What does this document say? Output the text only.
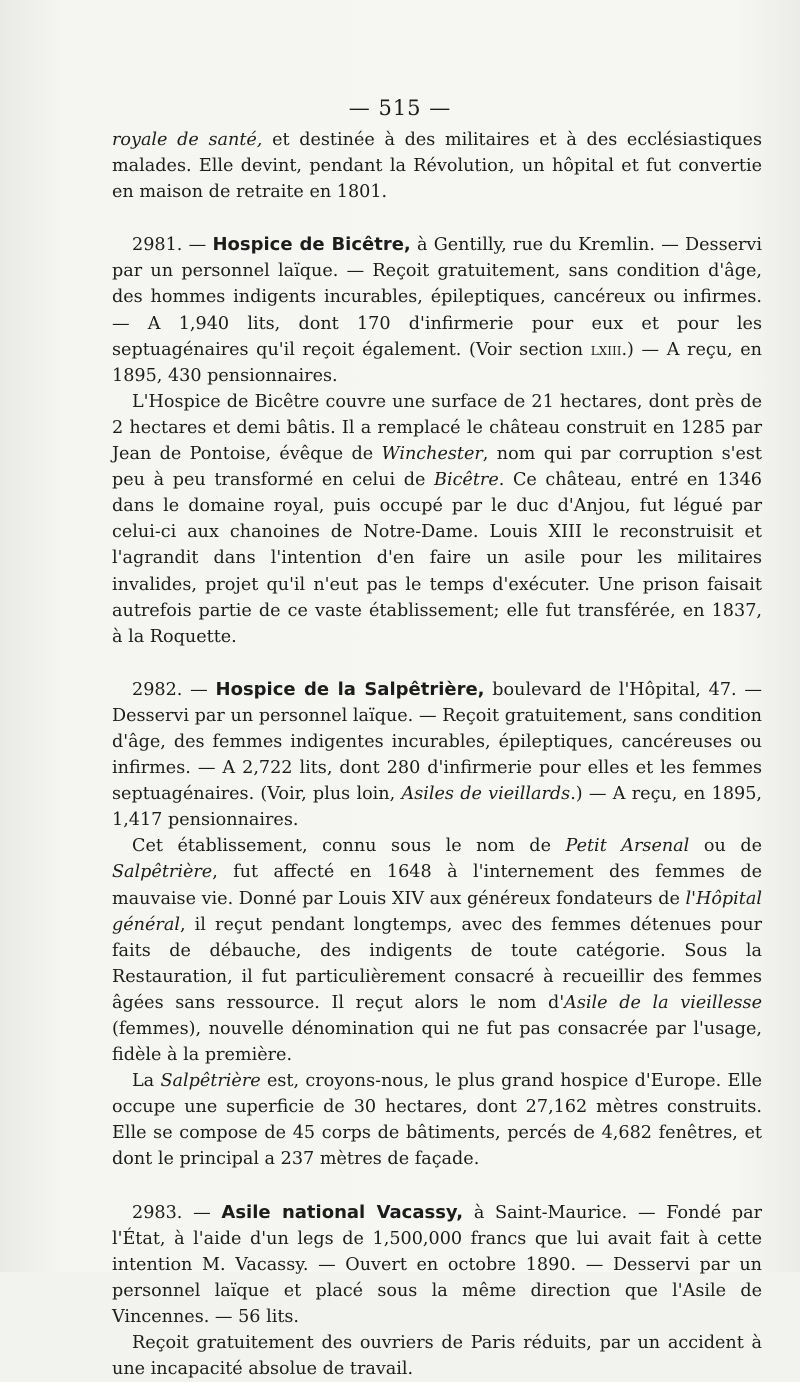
— 515 —

royale de santé, et destinée à des militaires et à des ecclésiastiques malades. Elle devint, pendant la Révolution, un hôpital et fut convertie en maison de retraite en 1801.

2981. — Hospice de Bicêtre, à Gentilly, rue du Kremlin. — Desservi par un personnel laïque. — Reçoit gratuitement, sans condition d'âge, des hommes indigents incurables, épileptiques, cancéreux ou infirmes. — A 1,940 lits, dont 170 d'infirmerie pour eux et pour les septuagénaires qu'il reçoit également. (Voir section lxiii.) — A reçu, en 1895, 430 pensionnaires.

L'Hospice de Bicêtre couvre une surface de 21 hectares, dont près de 2 hectares et demi bâtis. Il a remplacé le château construit en 1285 par Jean de Pontoise, évêque de Winchester, nom qui par corruption s'est peu à peu transformé en celui de Bicêtre. Ce château, entré en 1346 dans le domaine royal, puis occupé par le duc d'Anjou, fut légué par celui-ci aux chanoines de Notre-Dame. Louis XIII le reconstruisit et l'agrandit dans l'intention d'en faire un asile pour les militaires invalides, projet qu'il n'eut pas le temps d'exécuter. Une prison faisait autrefois partie de ce vaste établissement; elle fut transférée, en 1837, à la Roquette.

2982. — Hospice de la Salpêtrière, boulevard de l'Hôpital, 47. — Desservi par un personnel laïque. — Reçoit gratuitement, sans condition d'âge, des femmes indigentes incurables, épileptiques, cancéreuses ou infirmes. — A 2,722 lits, dont 280 d'infirmerie pour elles et les femmes septuagénaires. (Voir, plus loin, Asiles de vieillards.) — A reçu, en 1895, 1,417 pensionnaires.

Cet établissement, connu sous le nom de Petit Arsenal ou de Salpêtrière, fut affecté en 1648 à l'internement des femmes de mauvaise vie. Donné par Louis XIV aux généreux fondateurs de l'Hôpital général, il reçut pendant longtemps, avec des femmes détenues pour faits de débauche, des indigents de toute catégorie. Sous la Restauration, il fut particulièrement consacré à recueillir des femmes âgées sans ressource. Il reçut alors le nom d'Asile de la vieillesse (femmes), nouvelle dénomination qui ne fut pas consacrée par l'usage, fidèle à la première.

La Salpêtrière est, croyons-nous, le plus grand hospice d'Europe. Elle occupe une superficie de 30 hectares, dont 27,162 mètres construits. Elle se compose de 45 corps de bâtiments, percés de 4,682 fenêtres, et dont le principal a 237 mètres de façade.

2983. — Asile national Vacassy, à Saint-Maurice. — Fondé par l'État, à l'aide d'un legs de 1,500,000 francs que lui avait fait à cette intention M. Vacassy. — Ouvert en octobre 1890. — Desservi par un personnel laïque et placé sous la même direction que l'Asile de Vincennes. — 56 lits.

Reçoit gratuitement des ouvriers de Paris réduits, par un accident à une incapacité absolue de travail.
